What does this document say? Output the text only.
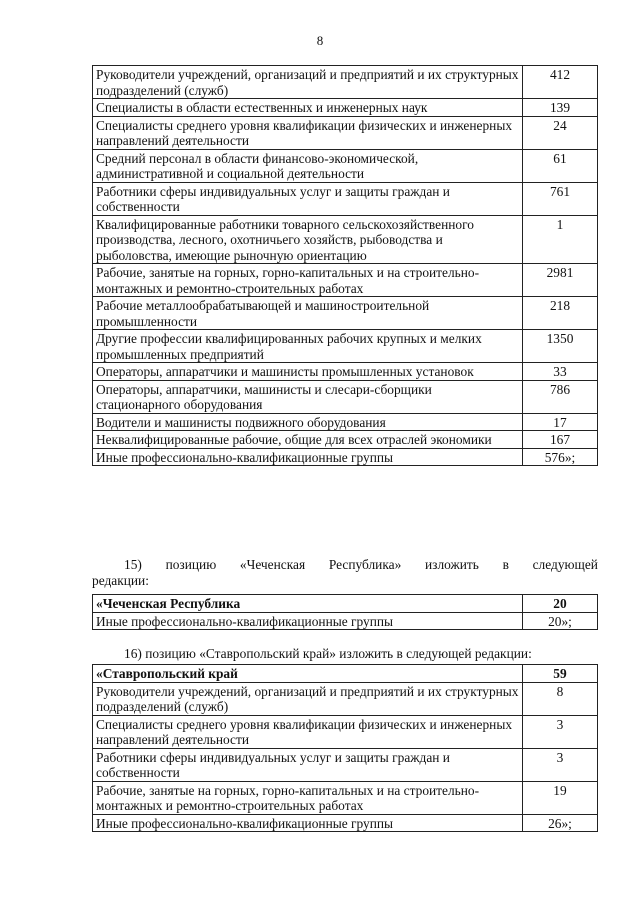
8
Руководители учреждений, организаций и предприятий и их структурных подразделений (служб)	412
Специалисты в области естественных и инженерных наук	139
Специалисты среднего уровня квалификации физических и инженерных направлений деятельности	24
Средний персонал в области финансово-экономической, административной и социальной деятельности	61
Работники сферы индивидуальных услуг и защиты граждан и собственности	761
Квалифицированные работники товарного сельскохозяйственного производства, лесного, охотничьего хозяйств, рыбоводства и рыболовства, имеющие рыночную ориентацию	1
Рабочие, занятые на горных, горно-капитальных и на строительно-монтажных и ремонтно-строительных работах	2981
Рабочие металлообрабатывающей и машиностроительной промышленности	218
Другие профессии квалифицированных рабочих крупных и мелких промышленных предприятий	1350
Операторы, аппаратчики и машинисты промышленных установок	33
Операторы, аппаратчики, машинисты и слесари-сборщики стационарного оборудования	786
Водители и машинисты подвижного оборудования	17
Неквалифицированные рабочие, общие для всех отраслей экономики	167
Иные профессионально-квалификационные группы	576»;
15) позицию «Чеченская Республика» изложить в следующей
редакции:
«Чеченская Республика	20
Иные профессионально-квалификационные группы	20»;
16) позицию «Ставропольский край» изложить в следующей редакции:
«Ставропольский край	59
Руководители учреждений, организаций и предприятий и их структурных подразделений (служб)	8
Специалисты среднего уровня квалификации физических и инженерных направлений деятельности	3
Работники сферы индивидуальных услуг и защиты граждан и собственности	3
Рабочие, занятые на горных, горно-капитальных и на строительно-монтажных и ремонтно-строительных работах	19
Иные профессионально-квалификационные группы	26»;
